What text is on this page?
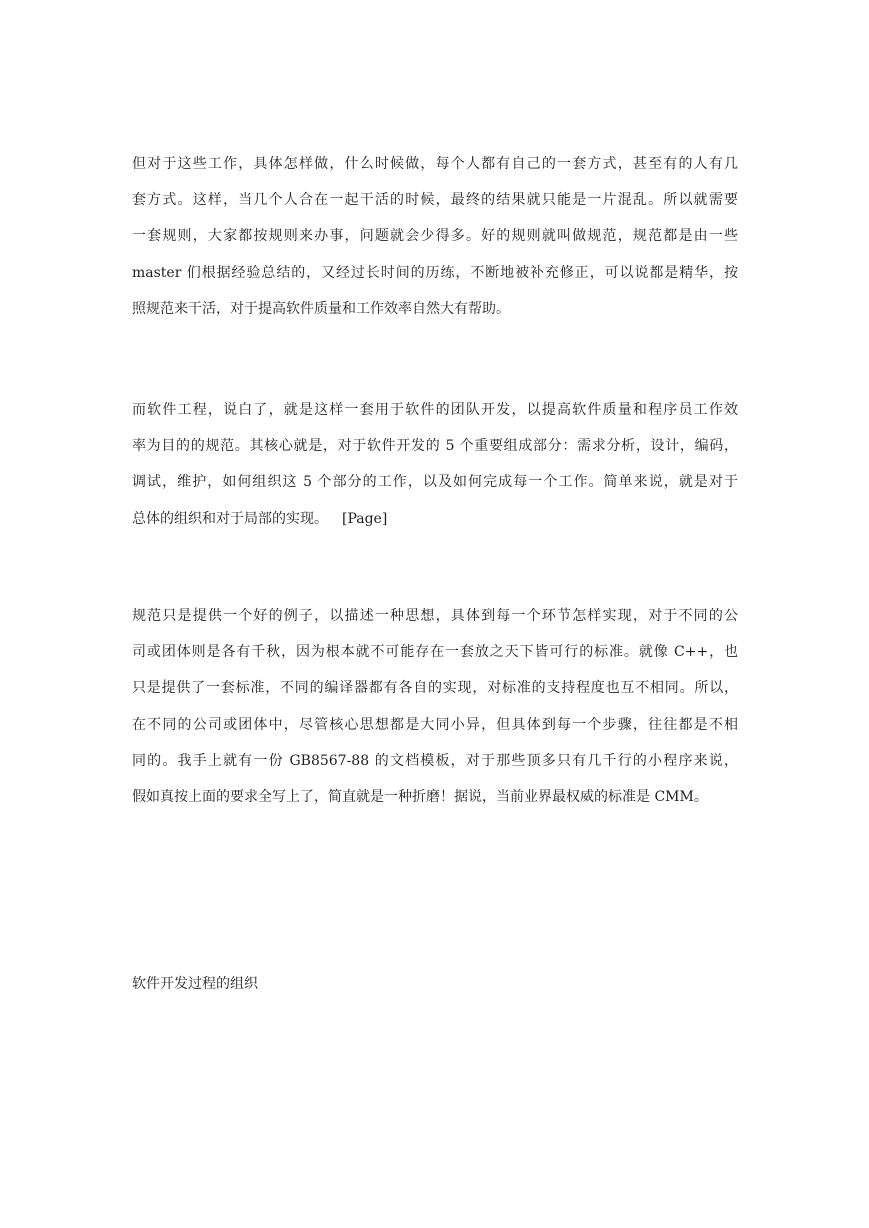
但对于这些工作，具体怎样做，什么时候做，每个人都有自己的一套方式，甚至有的人有几
套方式。这样，当几个人合在一起干活的时候，最终的结果就只能是一片混乱。所以就需要
一套规则，大家都按规则来办事，问题就会少得多。好的规则就叫做规范，规范都是由一些
master 们根据经验总结的，又经过长时间的历练，不断地被补充修正，可以说都是精华，按
照规范来干活，对于提高软件质量和工作效率自然大有帮助。

而软件工程，说白了，就是这样一套用于软件的团队开发，以提高软件质量和程序员工作效
率为目的的规范。其核心就是，对于软件开发的 5 个重要组成部分：需求分析，设计，编码，
调试，维护，如何组织这 5 个部分的工作，以及如何完成每一个工作。简单来说，就是对于
总体的组织和对于局部的实现。 [Page]

规范只是提供一个好的例子，以描述一种思想，具体到每一个环节怎样实现，对于不同的公
司或团体则是各有千秋，因为根本就不可能存在一套放之天下皆可行的标准。就像 C++，也
只是提供了一套标准，不同的编译器都有各自的实现，对标准的支持程度也互不相同。所以，
在不同的公司或团体中，尽管核心思想都是大同小异，但具体到每一个步骤，往往都是不相
同的。我手上就有一份 GB8567-88 的文档模板，对于那些顶多只有几千行的小程序来说，
假如真按上面的要求全写上了，简直就是一种折磨！据说，当前业界最权威的标准是 CMM。

软件开发过程的组织
